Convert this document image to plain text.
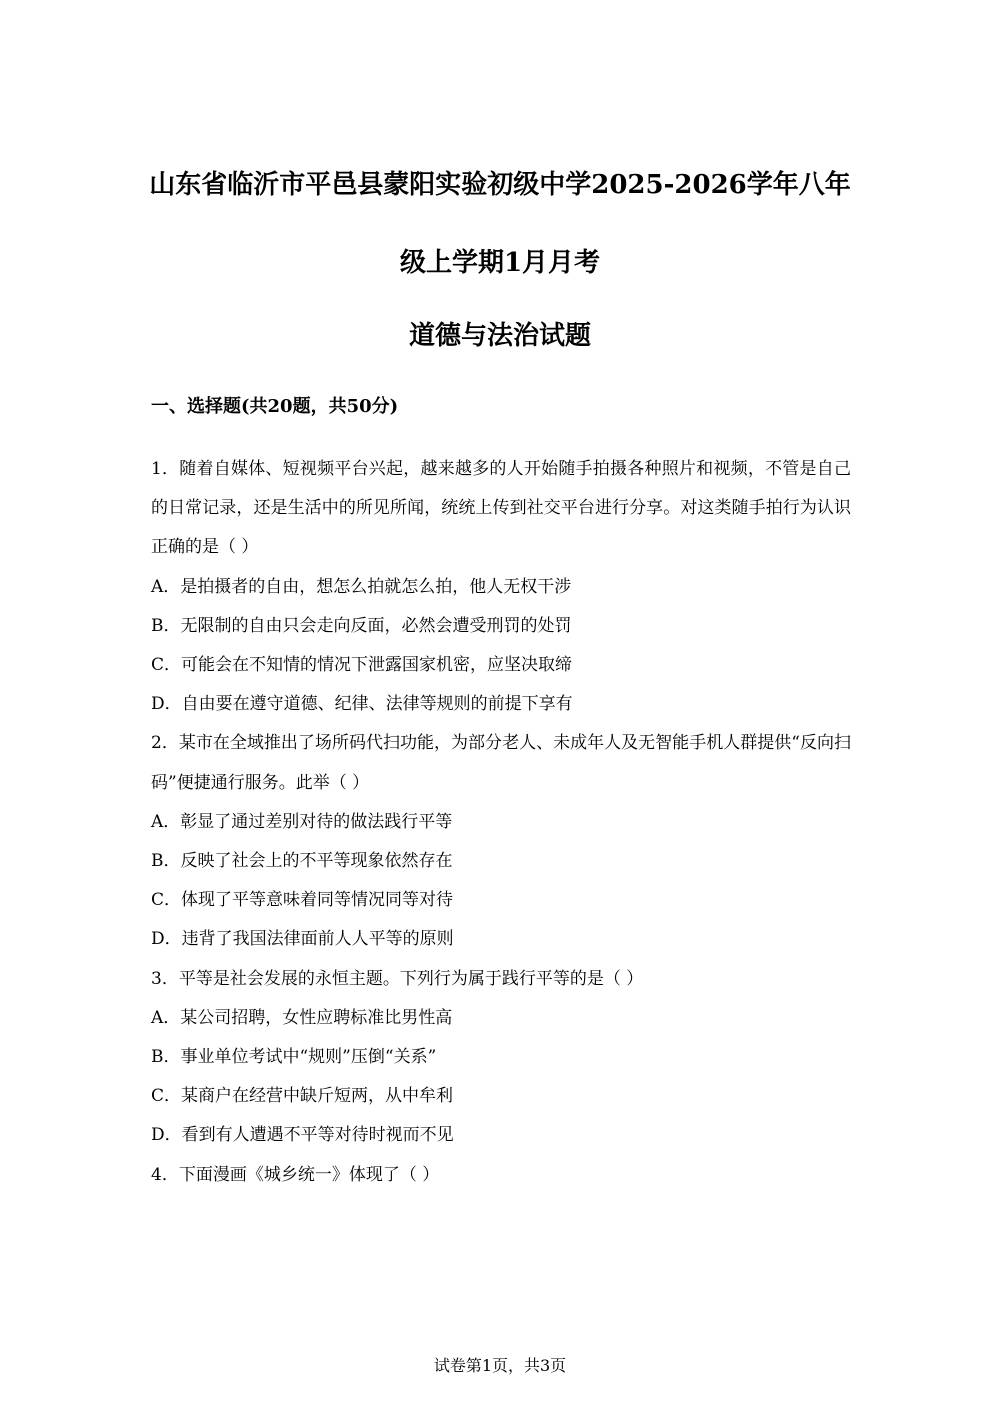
山东省临沂市平邑县蒙阳实验初级中学2025-2026学年八年
级上学期1月月考
道德与法治试题
一、选择题(共20题，共50分)

1．随着自媒体、短视频平台兴起，越来越多的人开始随手拍摄各种照片和视频，不管是自己的日常记录，还是生活中的所见所闻，统统上传到社交平台进行分享。对这类随手拍行为认识正确的是（ ）

A．是拍摄者的自由，想怎么拍就怎么拍，他人无权干涉

B．无限制的自由只会走向反面，必然会遭受刑罚的处罚

C．可能会在不知情的情况下泄露国家机密，应坚决取缔

D．自由要在遵守道德、纪律、法律等规则的前提下享有

2．某市在全域推出了场所码代扫功能，为部分老人、未成年人及无智能手机人群提供“反向扫码”便捷通行服务。此举（ ）

A．彰显了通过差别对待的做法践行平等

B．反映了社会上的不平等现象依然存在

C．体现了平等意味着同等情况同等对待

D．违背了我国法律面前人人平等的原则

3．平等是社会发展的永恒主题。下列行为属于践行平等的是（ ）

A．某公司招聘，女性应聘标准比男性高

B．事业单位考试中“规则”压倒“关系”

C．某商户在经营中缺斤短两，从中牟利

D．看到有人遭遇不平等对待时视而不见

4．下面漫画《城乡统一》体现了（ ）

试卷第1页，共3页
